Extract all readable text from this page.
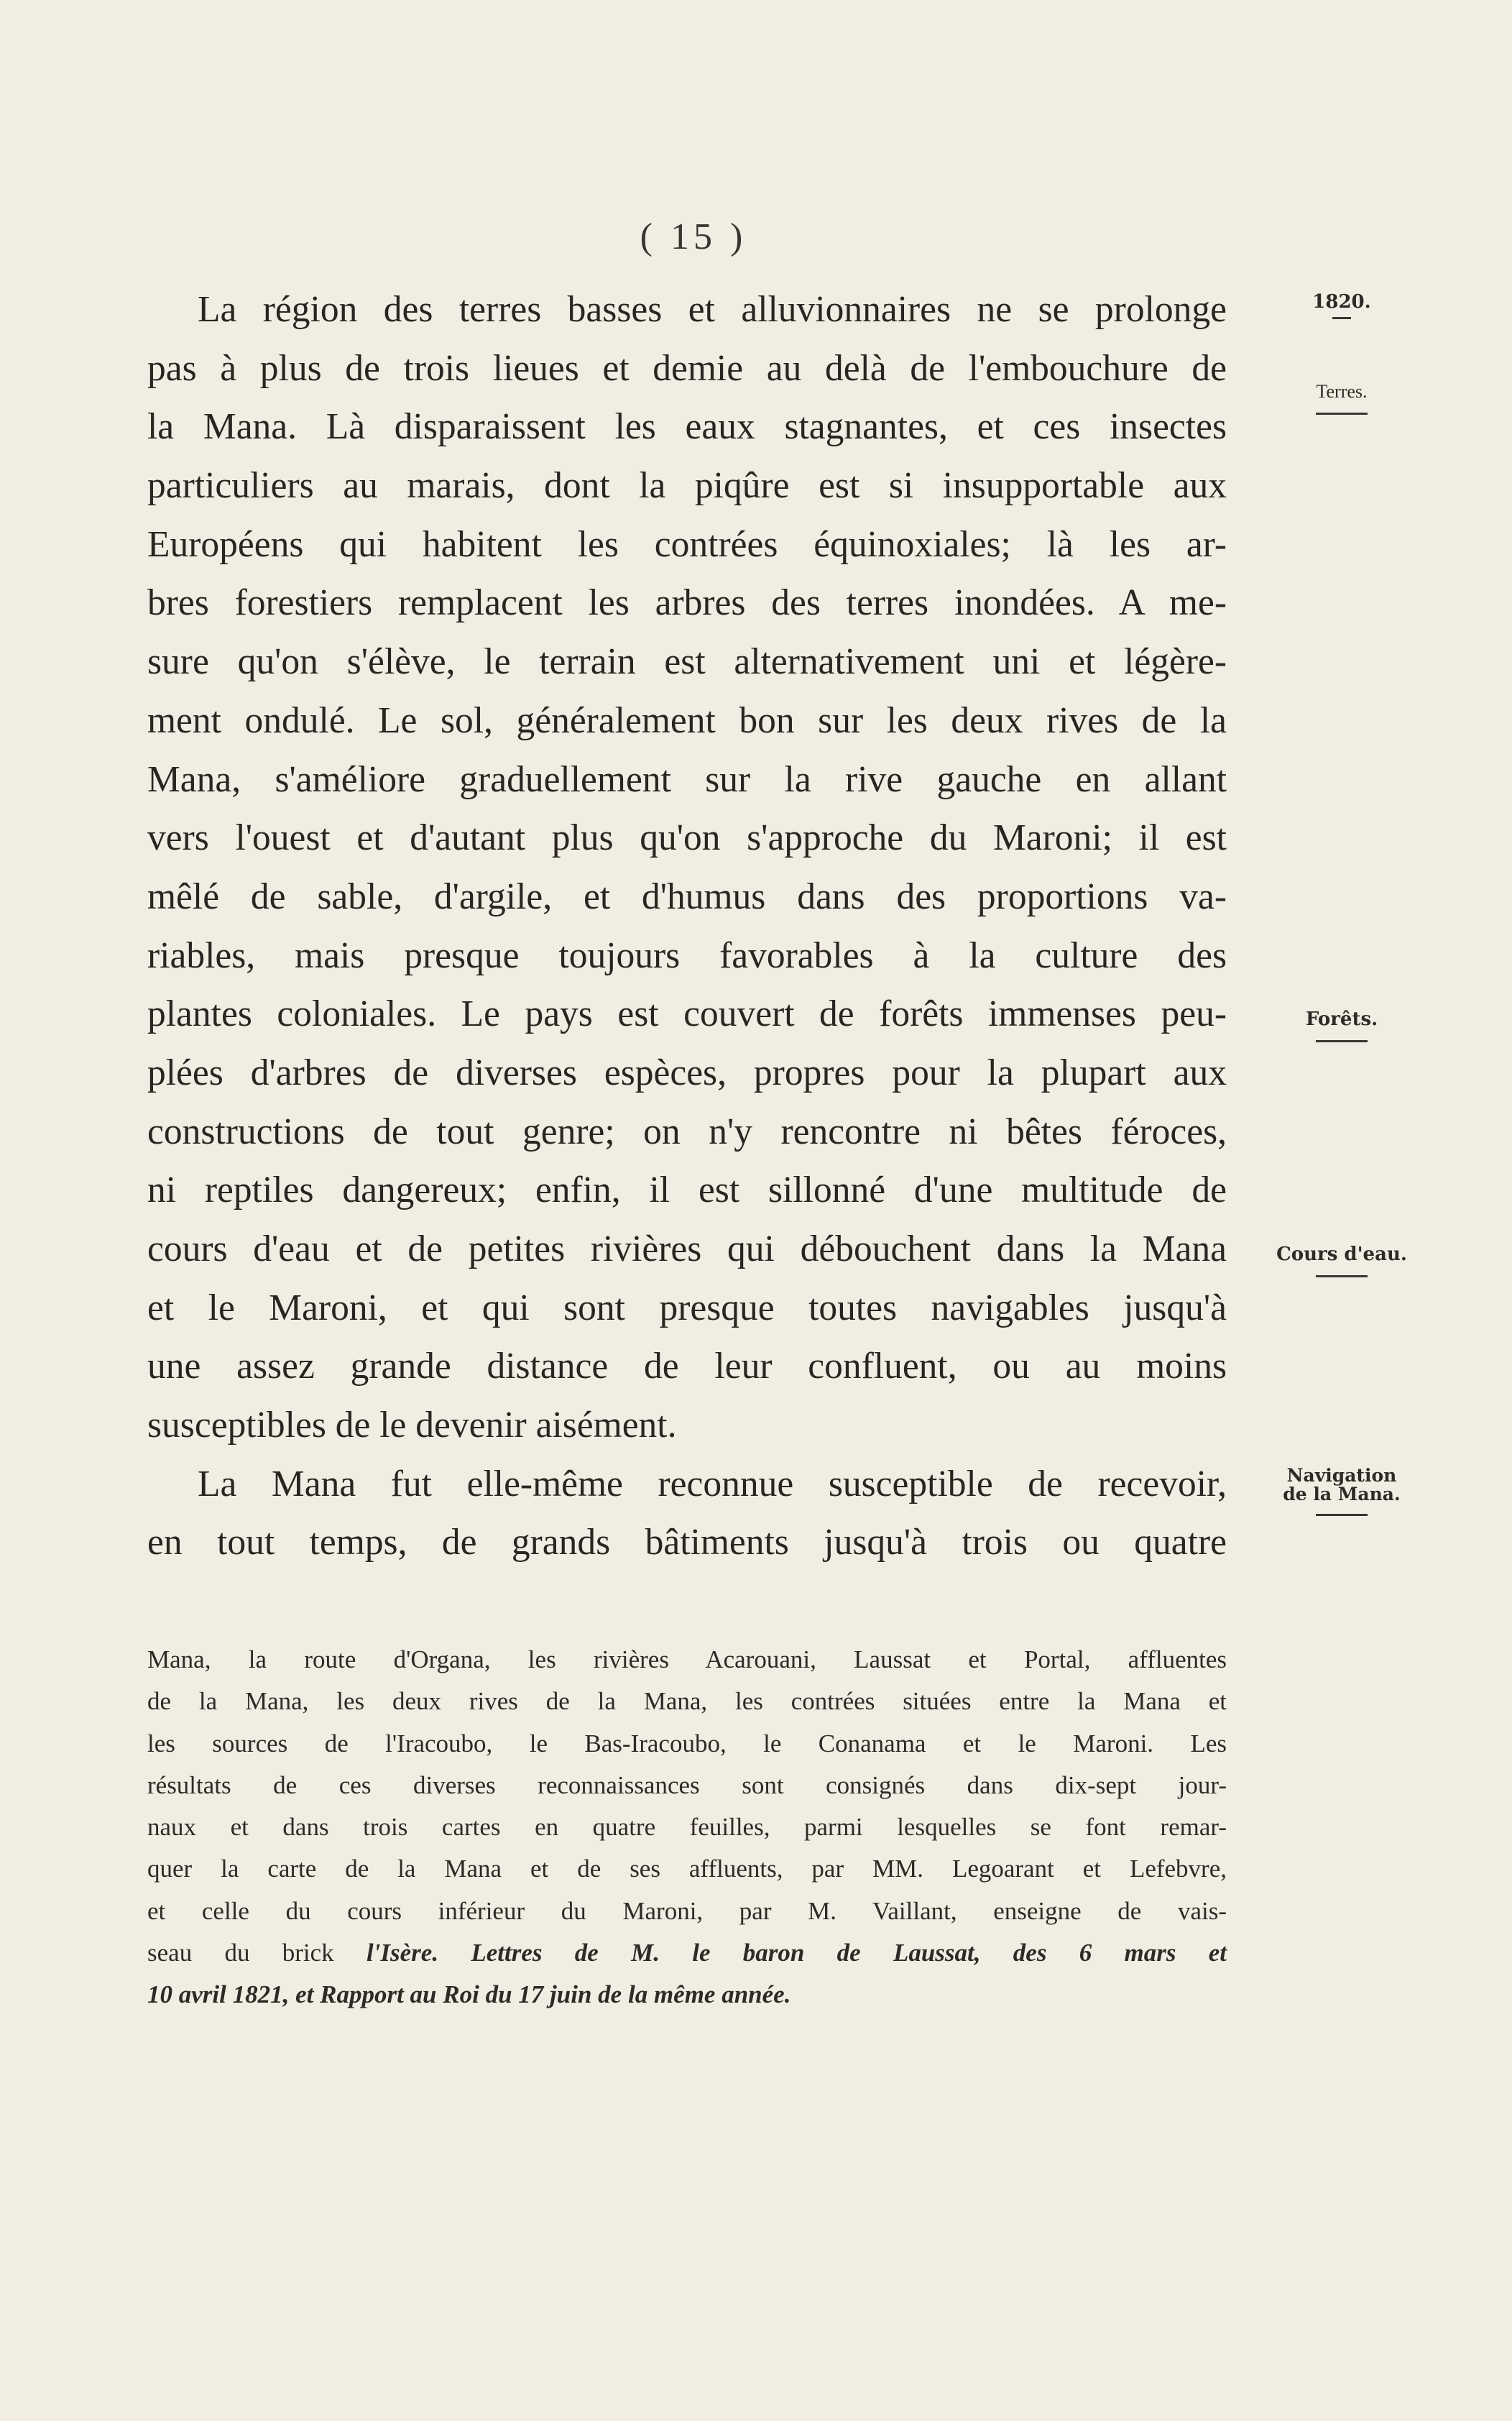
( 15 )
La région des terres basses et alluvionnaires ne se prolonge
pas à plus de trois lieues et demie au delà de l'embouchure de
la Mana. Là disparaissent les eaux stagnantes, et ces insectes
particuliers au marais, dont la piqûre est si insupportable aux
Européens qui habitent les contrées équinoxiales; là les ar-
bres forestiers remplacent les arbres des terres inondées. A me-
sure qu'on s'élève, le terrain est alternativement uni et légère-
ment ondulé. Le sol, généralement bon sur les deux rives de la
Mana, s'améliore graduellement sur la rive gauche en allant
vers l'ouest et d'autant plus qu'on s'approche du Maroni; il est
mêlé de sable, d'argile, et d'humus dans des proportions va-
riables, mais presque toujours favorables à la culture des
plantes coloniales. Le pays est couvert de forêts immenses peu-
plées d'arbres de diverses espèces, propres pour la plupart aux
constructions de tout genre; on n'y rencontre ni bêtes féroces,
ni reptiles dangereux; enfin, il est sillonné d'une multitude de
cours d'eau et de petites rivières qui débouchent dans la Mana
et le Maroni, et qui sont presque toutes navigables jusqu'à
une assez grande distance de leur confluent, ou au moins
susceptibles de le devenir aisément.
La Mana fut elle-même reconnue susceptible de recevoir,
en tout temps, de grands bâtiments jusqu'à trois ou quatre
1820.
Terres.
Forêts.
Cours d'eau.
Navigation
de la Mana.
Mana, la route d'Organa, les rivières Acarouani, Laussat et Portal, affluentes
de la Mana, les deux rives de la Mana, les contrées situées entre la Mana et
les sources de l'Iracoubo, le Bas-Iracoubo, le Conanama et le Maroni. Les
résultats de ces diverses reconnaissances sont consignés dans dix-sept jour-
naux et dans trois cartes en quatre feuilles, parmi lesquelles se font remar-
quer la carte de la Mana et de ses affluents, par MM. Legoarant et Lefebvre,
et celle du cours inférieur du Maroni, par M. Vaillant, enseigne de vais-
seau du brick l'Isère. Lettres de M. le baron de Laussat, des 6 mars et
10 avril 1821, et Rapport au Roi du 17 juin de la même année.
